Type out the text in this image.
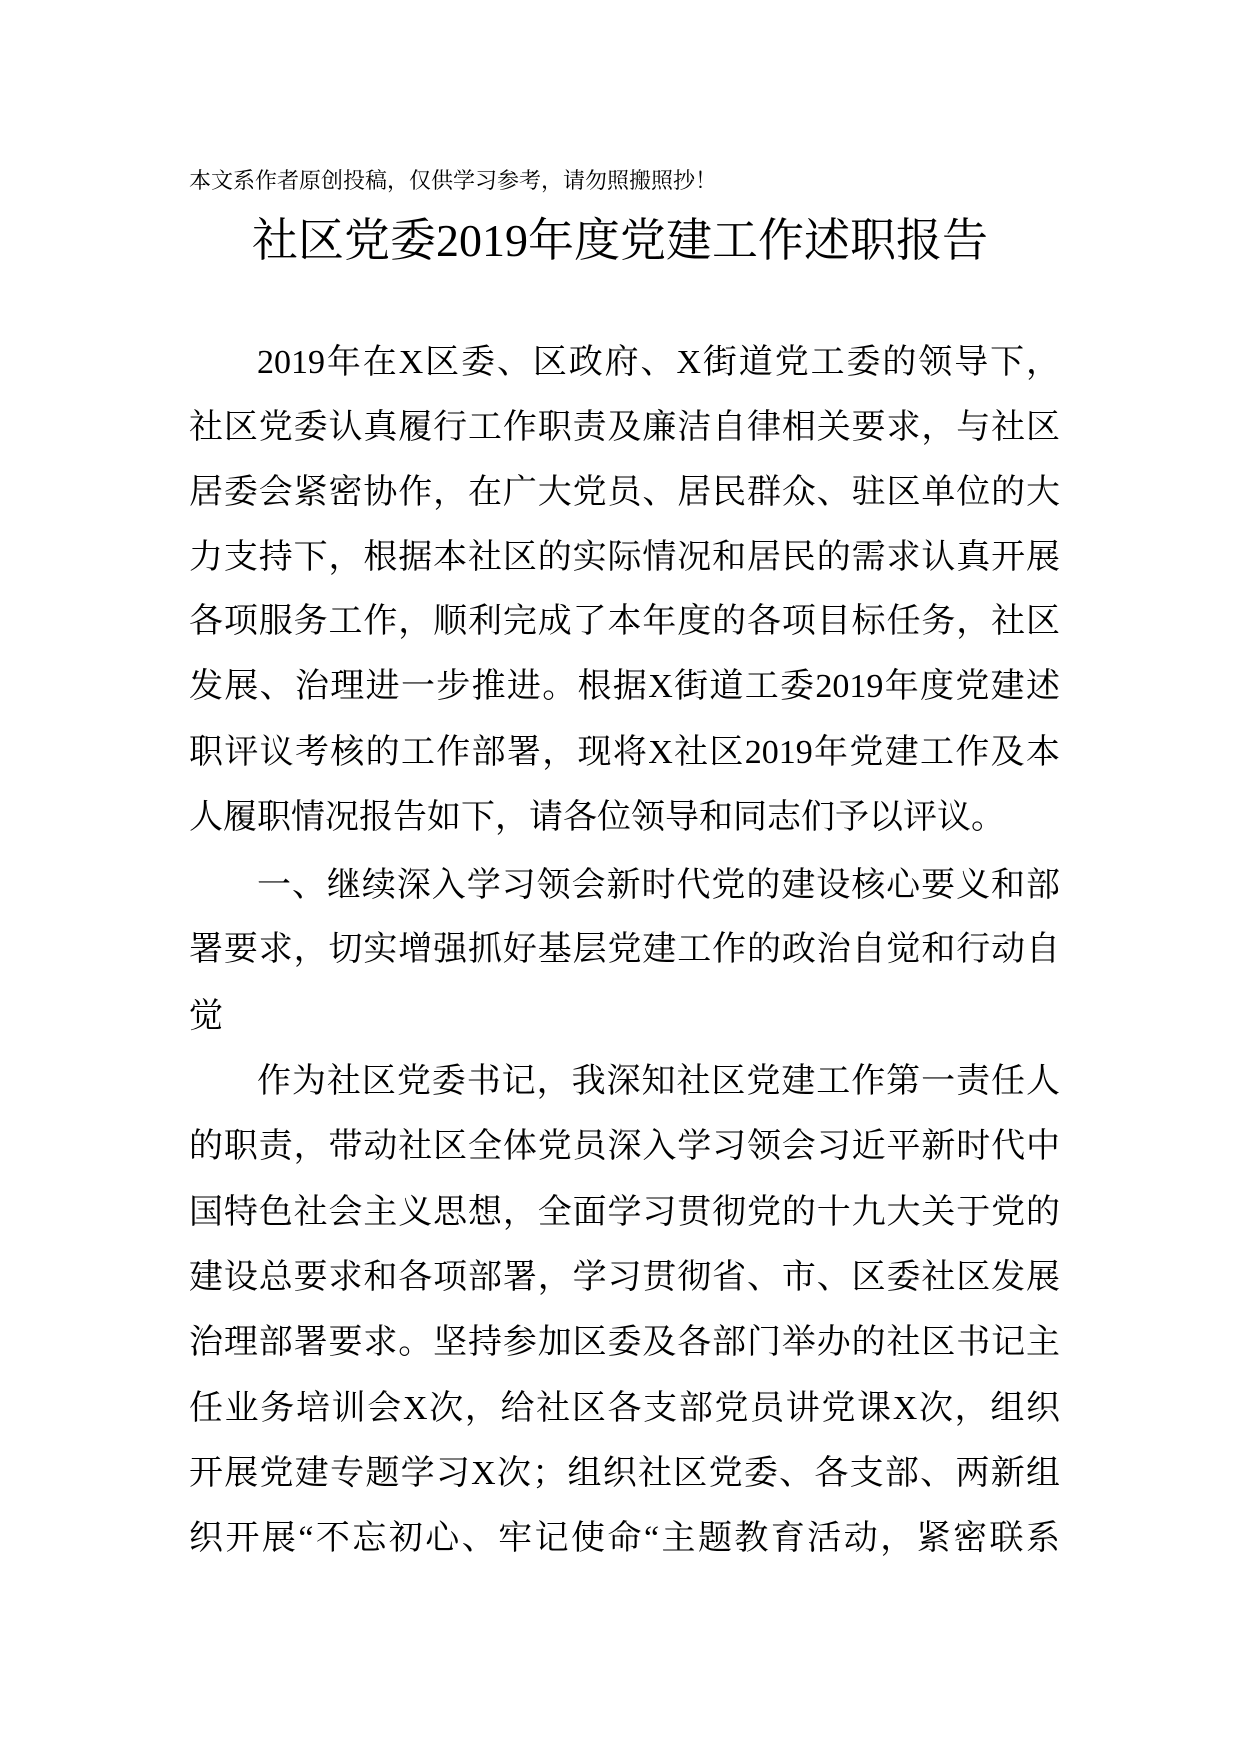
本文系作者原创投稿，仅供学习参考，请勿照搬照抄！
社区党委2019年度党建工作述职报告
2019年在X区委、区政府、X街道党工委的领导下，
社区党委认真履行工作职责及廉洁自律相关要求，与社区
居委会紧密协作，在广大党员、居民群众、驻区单位的大
力支持下，根据本社区的实际情况和居民的需求认真开展
各项服务工作，顺利完成了本年度的各项目标任务，社区
发展、治理进一步推进。根据X街道工委2019年度党建述
职评议考核的工作部署，现将X社区2019年党建工作及本
人履职情况报告如下，请各位领导和同志们予以评议。
一、继续深入学习领会新时代党的建设核心要义和部
署要求，切实增强抓好基层党建工作的政治自觉和行动自
觉
作为社区党委书记，我深知社区党建工作第一责任人
的职责，带动社区全体党员深入学习领会习近平新时代中
国特色社会主义思想，全面学习贯彻党的十九大关于党的
建设总要求和各项部署，学习贯彻省、市、区委社区发展
治理部署要求。坚持参加区委及各部门举办的社区书记主
任业务培训会X次，给社区各支部党员讲党课X次，组织
开展党建专题学习X次；组织社区党委、各支部、两新组
织开展“不忘初心、牢记使命“主题教育活动，紧密联系
